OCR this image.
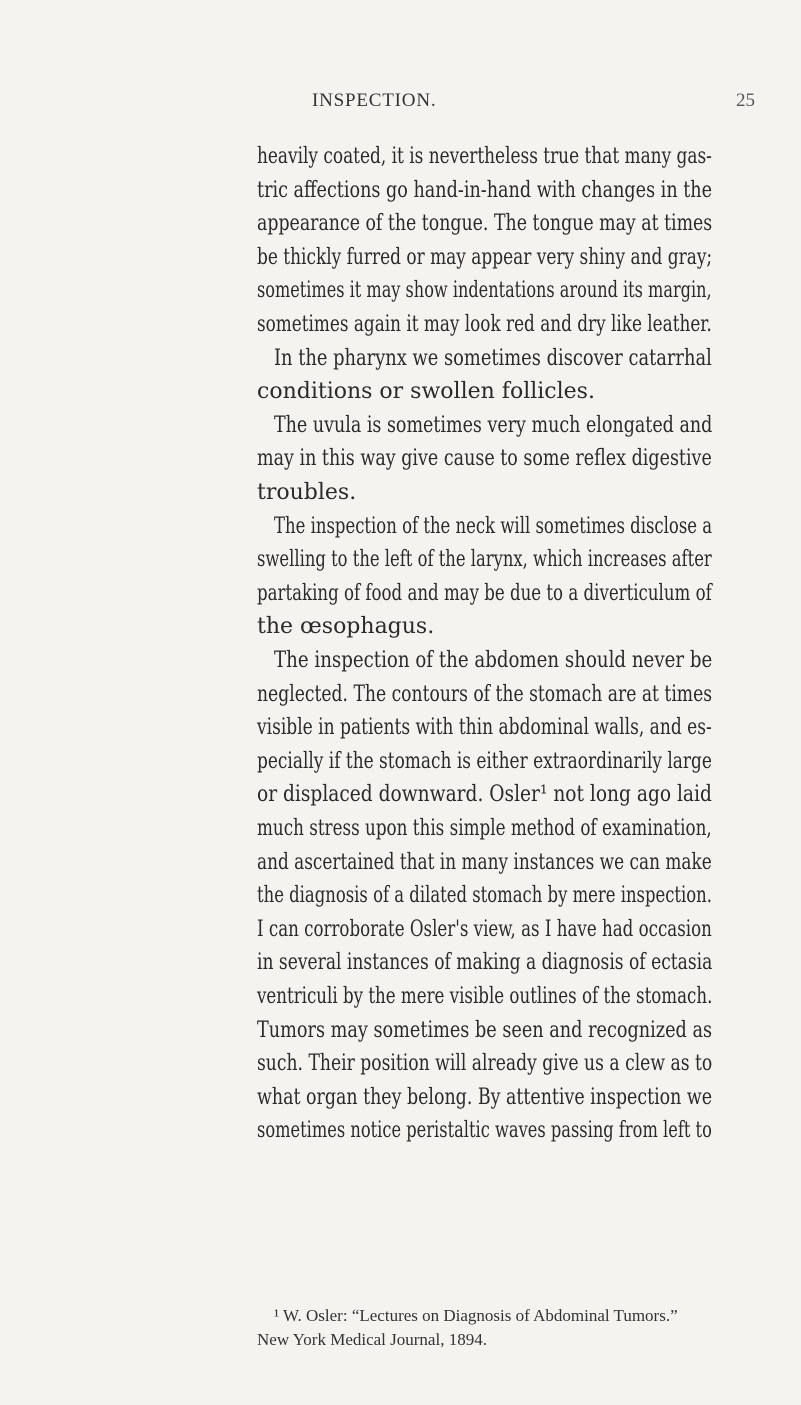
INSPECTION.	25
heavily coated, it is nevertheless true that many gas-
tric affections go hand-in-hand with changes in the
appearance of the tongue. The tongue may at times
be thickly furred or may appear very shiny and gray;
sometimes it may show indentations around its margin,
sometimes again it may look red and dry like leather.
In the pharynx we sometimes discover catarrhal
conditions or swollen follicles.
The uvula is sometimes very much elongated and
may in this way give cause to some reflex digestive
troubles.
The inspection of the neck will sometimes disclose a
swelling to the left of the larynx, which increases after
partaking of food and may be due to a diverticulum of
the œsophagus.
The inspection of the abdomen should never be
neglected. The contours of the stomach are at times
visible in patients with thin abdominal walls, and es-
pecially if the stomach is either extraordinarily large
or displaced downward. Osler¹ not long ago laid
much stress upon this simple method of examination,
and ascertained that in many instances we can make
the diagnosis of a dilated stomach by mere inspection.
I can corroborate Osler's view, as I have had occasion
in several instances of making a diagnosis of ectasia
ventriculi by the mere visible outlines of the stomach.
Tumors may sometimes be seen and recognized as
such. Their position will already give us a clew as to
what organ they belong. By attentive inspection we
sometimes notice peristaltic waves passing from left to
¹ W. Osler: “Lectures on Diagnosis of Abdominal Tumors.”
New York Medical Journal, 1894.
